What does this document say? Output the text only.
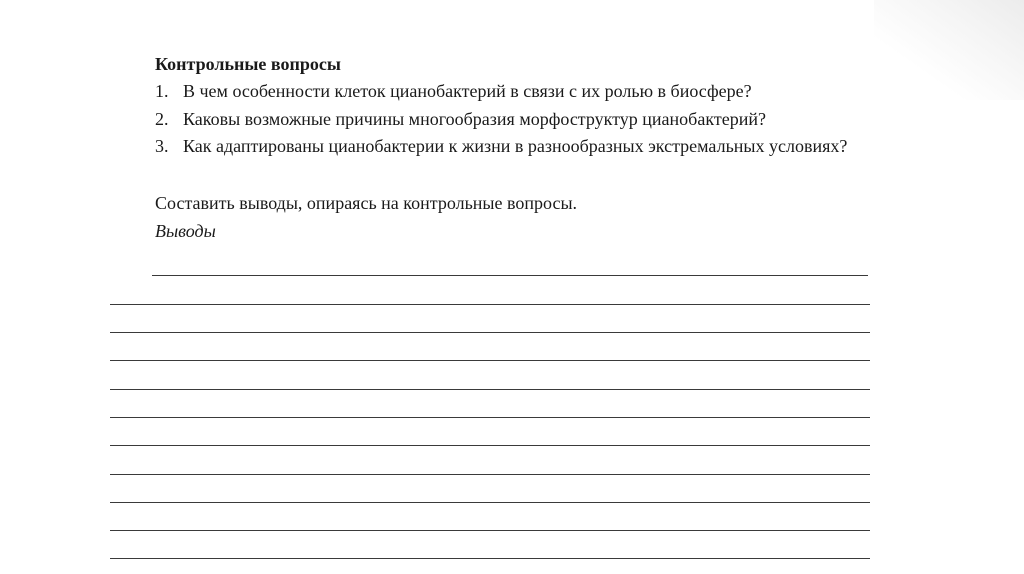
Контрольные вопросы
1. В чем особенности клеток цианобактерий в связи с их ролью в биосфере?
2. Каковы возможные причины многообразия морфоструктур цианобактерий?
3. Как адаптированы цианобактерии к жизни в разнообразных экстремальных условиях?
Составить выводы, опираясь на контрольные вопросы.
Выводы
